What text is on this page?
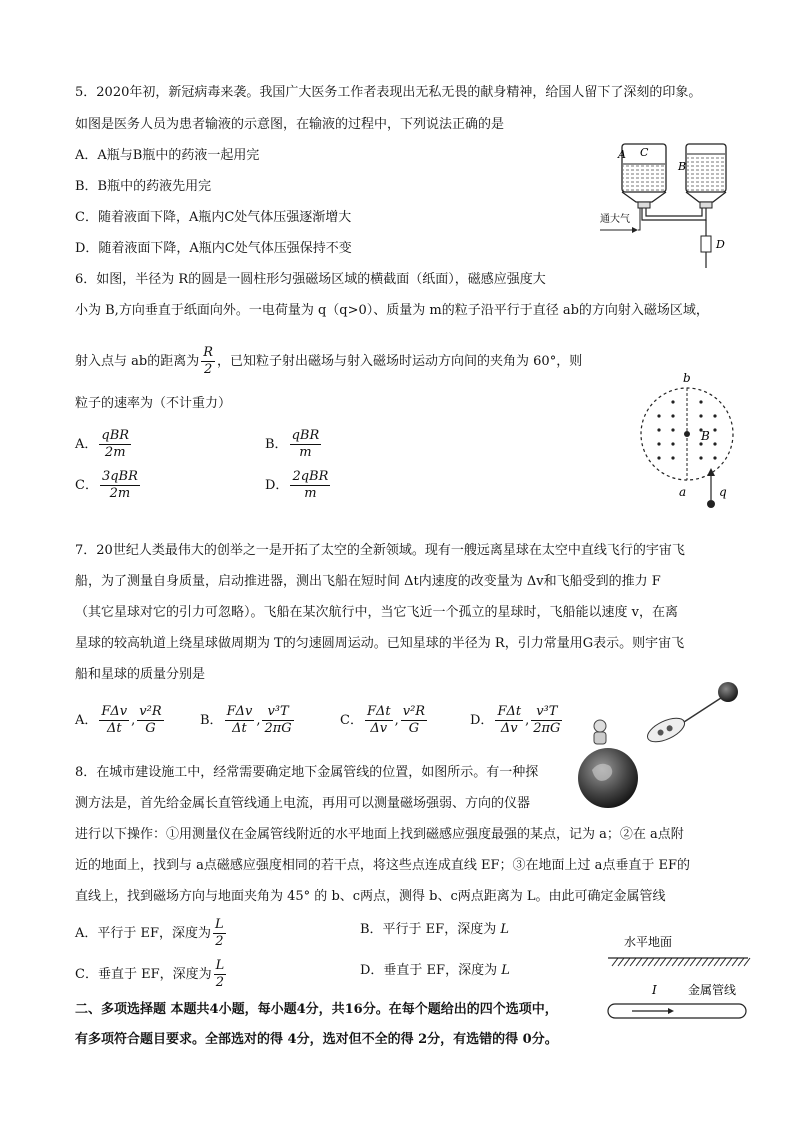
5．2020年初，新冠病毒来袭。我国广大医务工作者表现出无私无畏的献身精神，给国人留下了深刻的印象。
如图是医务人员为患者输液的示意图，在输液的过程中，下列说法正确的是
A．A瓶与B瓶中的药液一起用完
B．B瓶中的药液先用完
C．随着液面下降，A瓶内C处气体压强逐渐增大
D．随着液面下降，A瓶内C处气体压强保持不变
A C
B
D
通大气
6．如图，半径为 R的圆是一圆柱形匀强磁场区域的横截面（纸面），磁感应强度大
小为 B,方向垂直于纸面向外。一电荷量为 q（q>0）、质量为 m的粒子沿平行于直径 ab的方向射入磁场区域，
射入点与 ab的距离为 $\frac{R}{2}$ ，已知粒子射出磁场与射入磁场时运动方向间的夹角为 60°，则
粒子的速率为（不计重力）
A． $\frac{\text{qBR}}{2m}$	B． $\frac{\text{qBR}}{m}$
C． $\frac{\text{3qBR}}{2m}$	D． $\frac{\text{2qBR}}{m}$
b
a
B
q
7．20世纪人类最伟大的创举之一是开拓了太空的全新领域。现有一艘远离星球在太空中直线飞行的宇宙飞
船，为了测量自身质量，启动推进器，测出飞船在短时间 Δt内速度的改变量为 Δv和飞船受到的推力 F
（其它星球对它的引力可忽略）。飞船在某次航行中，当它飞近一个孤立的星球时，飞船能以速度 v，在离
星球的较高轨道上绕星球做周期为 T的匀速圆周运动。已知星球的半径为 R，引力常量用G表示。则宇宙飞
船和星球的质量分别是
A． $\frac{\text{FΔv}}{\Delta t}$ , $\frac{\text{v²R}}{G}$	B． $\frac{\text{FΔv}}{\Delta t}$ , $\frac{\text{v³T}}{2\pi G}$	C． $\frac{\text{FΔt}}{\Delta v}$ , $\frac{\text{v²R}}{G}$	D． $\frac{\text{FΔt}}{\Delta v}$ , $\frac{\text{v³T}}{2\pi G}$
8．在城市建设施工中，经常需要确定地下金属管线的位置，如图所示。有一种探
测方法是，首先给金属长直管线通上电流，再用可以测量磁场强弱、方向的仪器
进行以下操作：①用测量仪在金属管线附近的水平地面上找到磁感应强度最强的某点，记为 a；②在 a点附
近的地面上，找到与 a点磁感应强度相同的若干点，将这些点连成直线 EF；③在地面上过 a点垂直于 EF的
直线上，找到磁场方向与地面夹角为 45° 的 b、c两点，测得 b、c两点距离为 L。由此可确定金属管线
A．平行于 EF，深度为 $\frac{L}{2}$	B．平行于 EF，深度为 L
C．垂直于 EF，深度为 $\frac{L}{2}$	D．垂直于 EF，深度为 L
水平地面
I	金属管线
二、多项选择题 本题共4小题，每小题4分，共16分。在每个题给出的四个选项中，
有多项符合题目要求。全部选对的得 4分，选对但不全的得 2分，有选错的得 0分。
